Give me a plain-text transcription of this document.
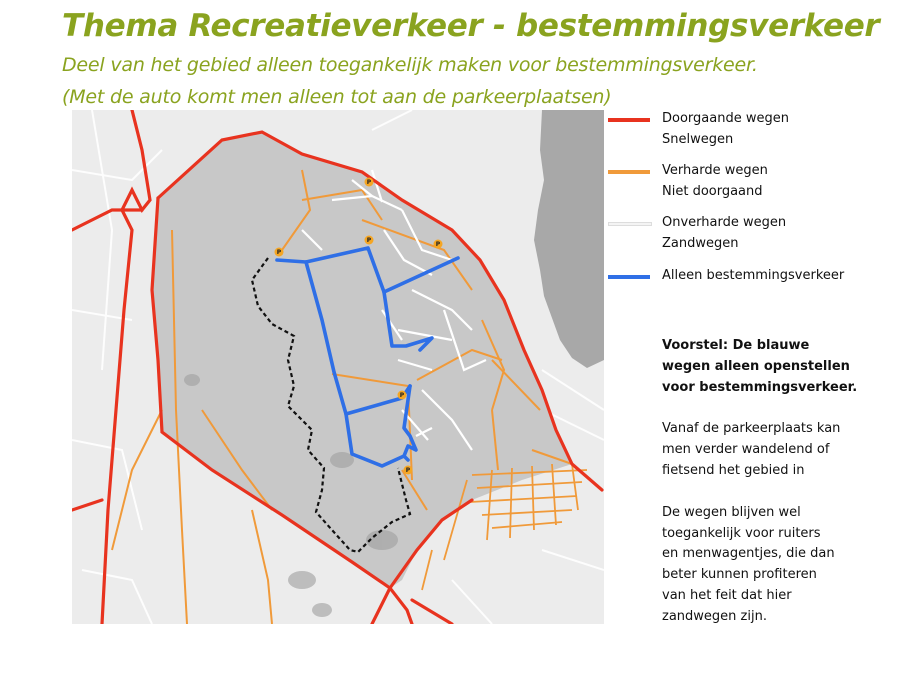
Thema Recreatieverkeer - bestemmingsverkeer
Deel van het gebied alleen toegankelijk maken voor bestemmingsverkeer.
(Met de auto komt men alleen tot aan de parkeerplaatsen)
P
P
P
P
P
P
Doorgaande wegen
Snelwegen
Verharde wegen
Niet doorgaand
Onverharde wegen
Zandwegen
Alleen bestemmingsverkeer
Voorstel: De blauwe
wegen alleen openstellen
voor bestemmingsverkeer.
Vanaf de parkeerplaats kan
men verder wandelend of
fietsend het gebied in
De wegen blijven wel
toegankelijk voor ruiters
en menwagentjes, die dan
beter kunnen profiteren
van het feit dat hier
zandwegen zijn.
